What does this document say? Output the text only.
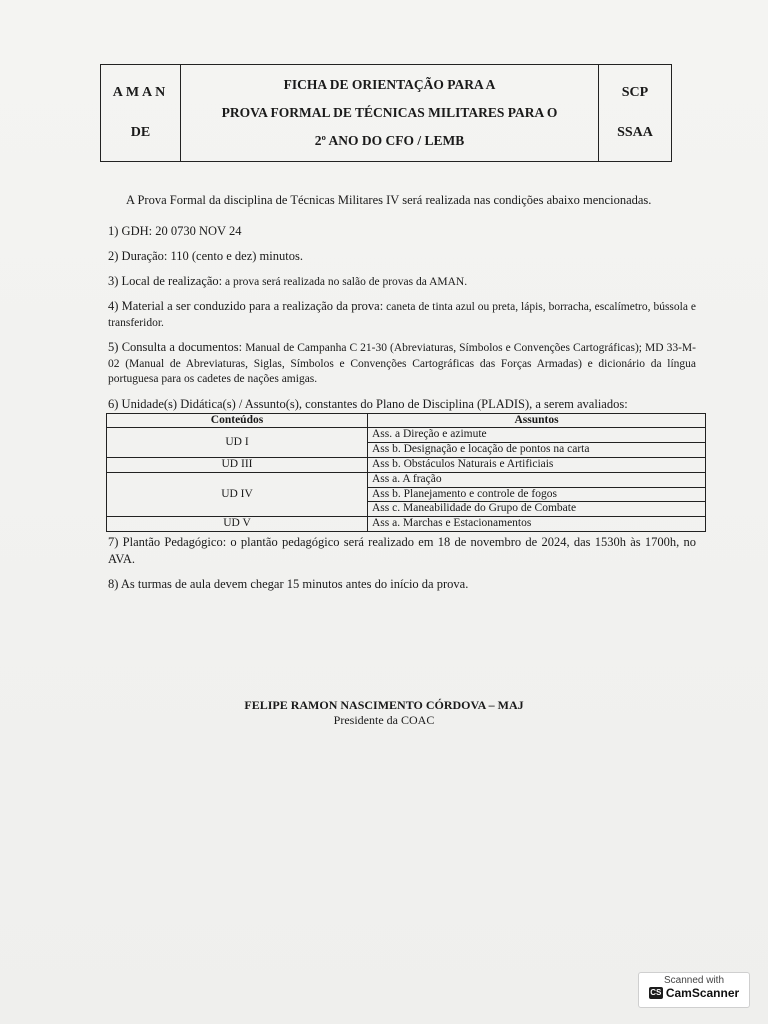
AMAN
DE
FICHA DE ORIENTAÇÃO PARA A
PROVA FORMAL DE TÉCNICAS MILITARES PARA O
2º ANO DO CFO / LEMB
SCP
SSAA

A Prova Formal da disciplina de Técnicas Militares IV será realizada nas condições abaixo mencionadas.

1) GDH: 20 0730 NOV 24

2) Duração: 110 (cento e dez) minutos.

3) Local de realização: a prova será realizada no salão de provas da AMAN.

4) Material a ser conduzido para a realização da prova: caneta de tinta azul ou preta, lápis, borracha, escalímetro, bússola e transferidor.

5) Consulta a documentos: Manual de Campanha C 21-30 (Abreviaturas, Símbolos e Convenções Cartográficas); MD 33-M-02 (Manual de Abreviaturas, Siglas, Símbolos e Convenções Cartográficas das Forças Armadas) e dicionário da língua portuguesa para os cadetes de nações amigas.

6) Unidade(s) Didática(s) / Assunto(s), constantes do Plano de Disciplina (PLADIS), a serem avaliados:

Conteúdos	Assuntos
UD I	Ass. a Direção e azimute
	Ass b. Designação e locação de pontos na carta
UD III	Ass b. Obstáculos Naturais e Artificiais
UD IV	Ass a. A fração
	Ass b. Planejamento e controle de fogos
	Ass c. Maneabilidade do Grupo de Combate
UD V	Ass a. Marchas e Estacionamentos

7) Plantão Pedagógico: o plantão pedagógico será realizado em 18 de novembro de 2024, das 1530h às 1700h, no AVA.

8) As turmas de aula devem chegar 15 minutos antes do início da prova.

FELIPE RAMON NASCIMENTO CÓRDOVA – MAJ
Presidente da COAC
Scanned with
CS CamScanner
